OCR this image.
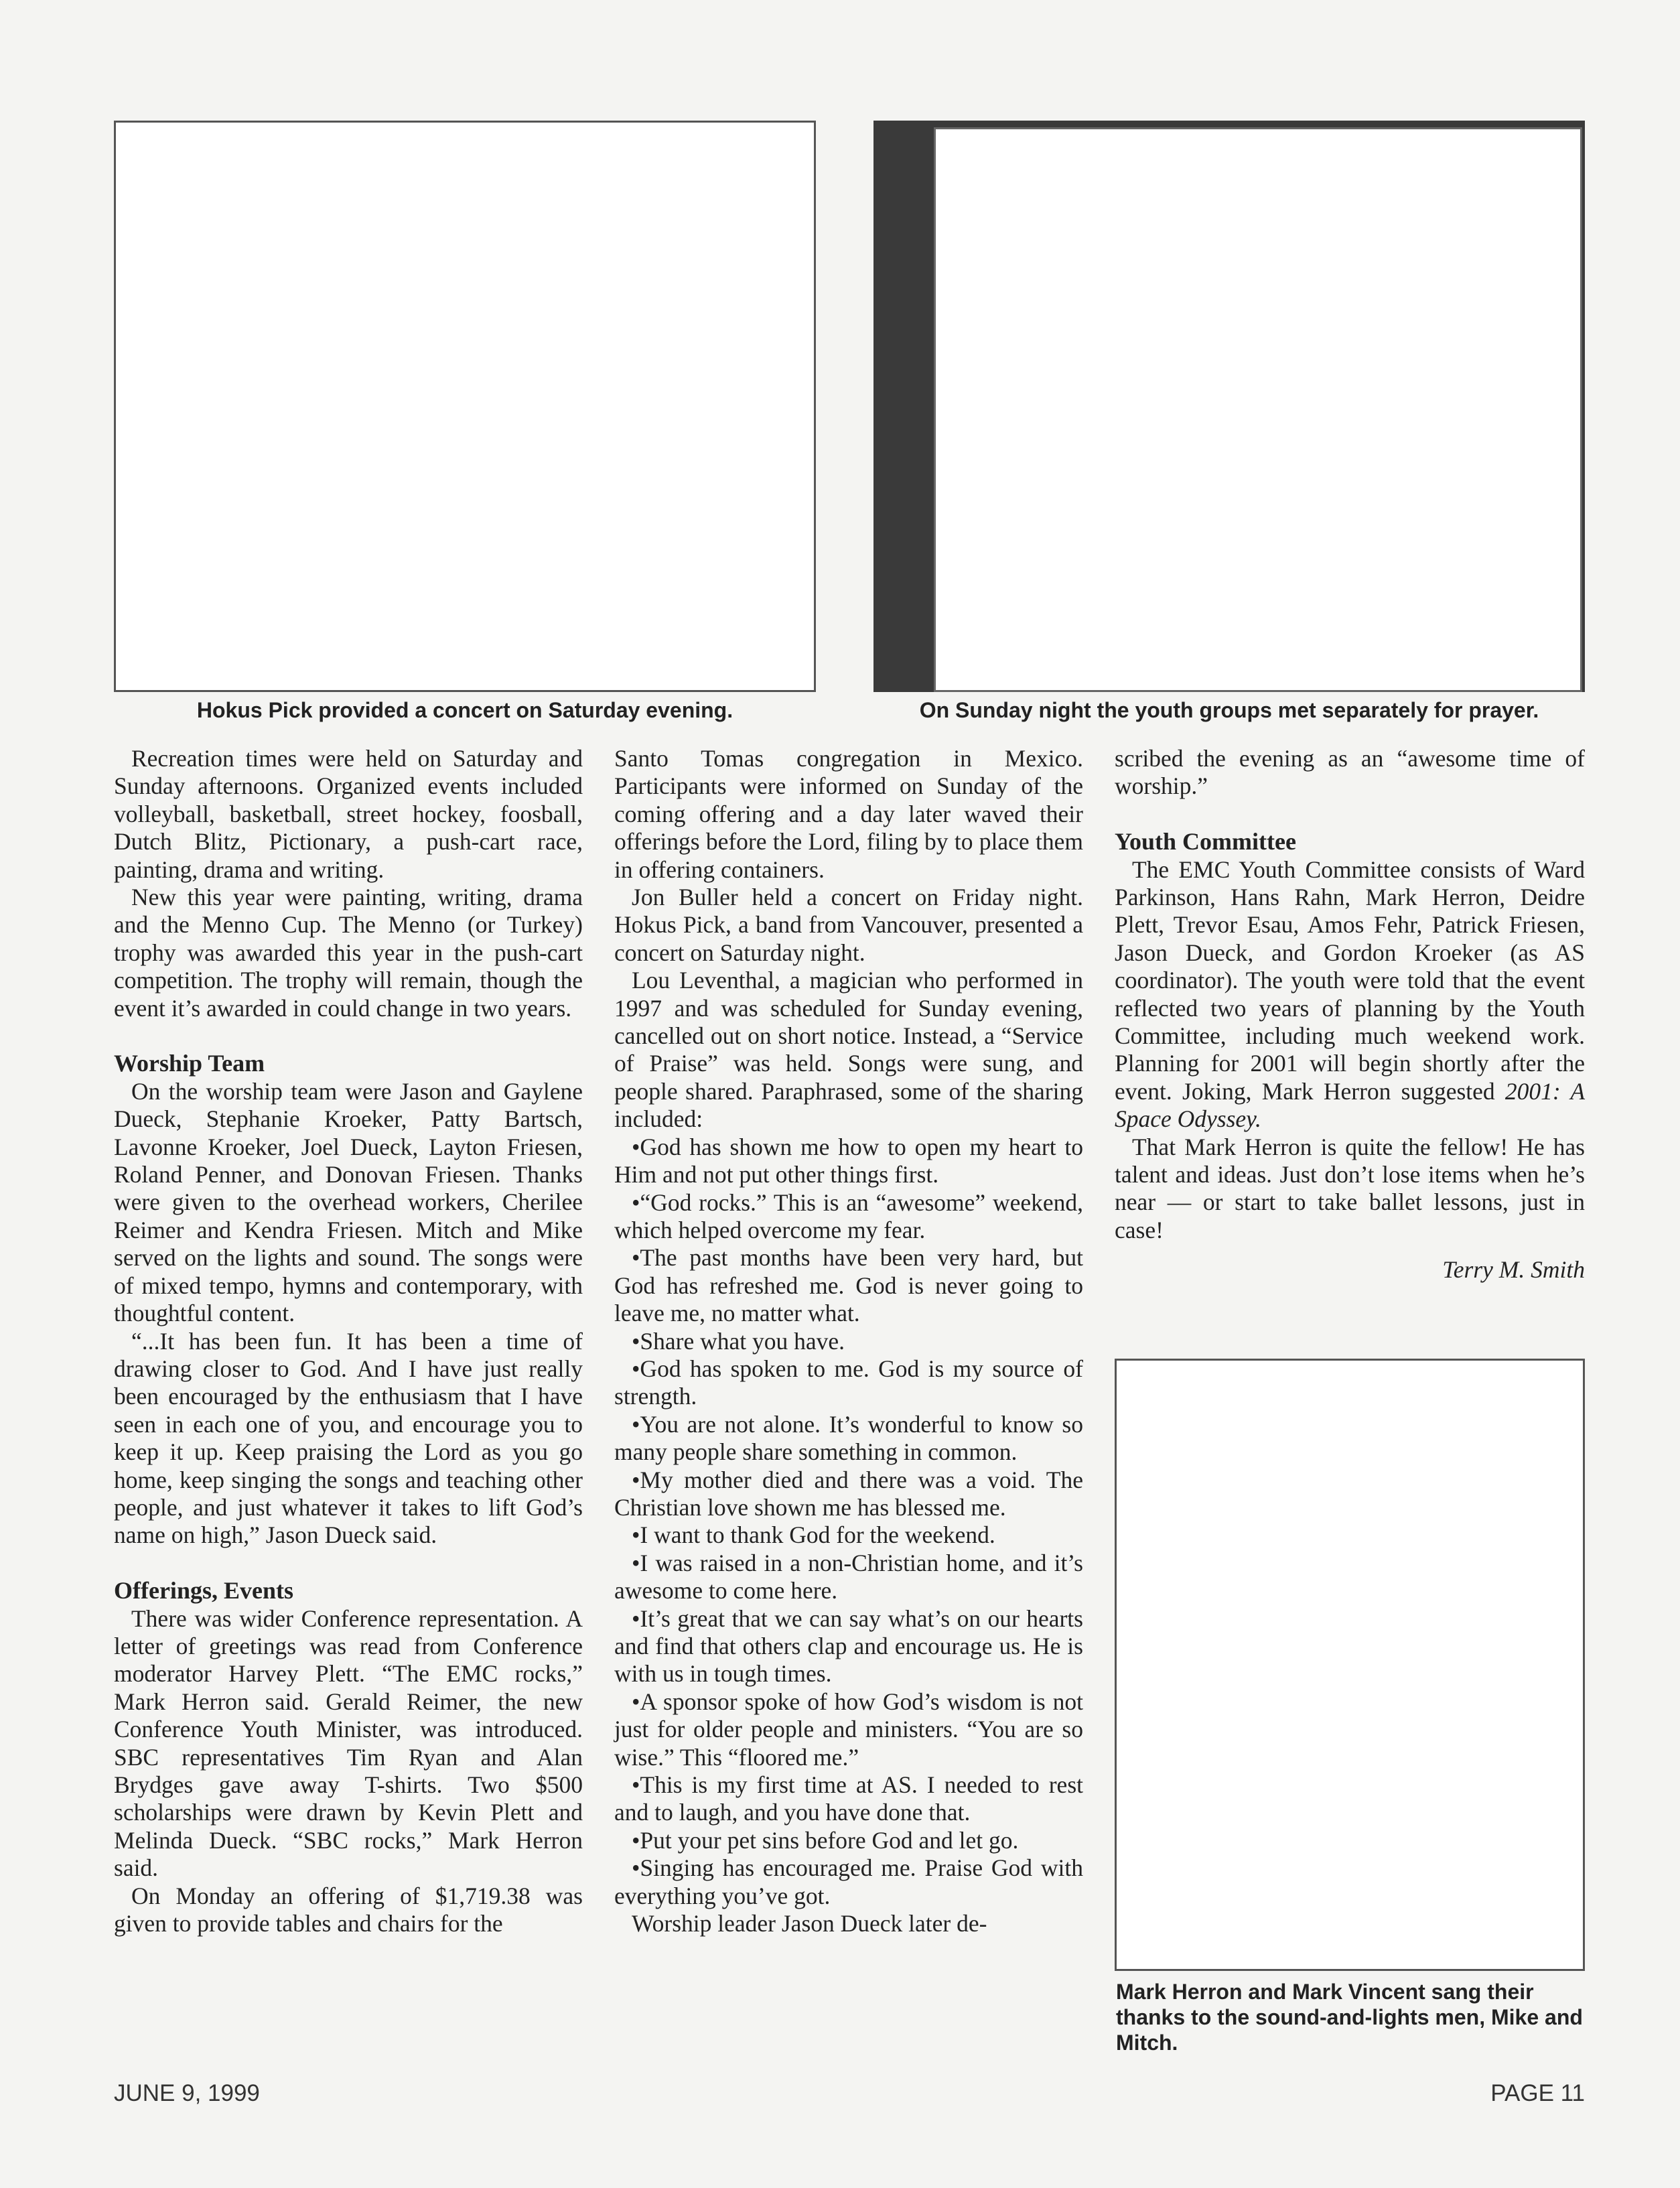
Hokus Pick provided a concert on Saturday evening.	On Sunday night the youth groups met separately for prayer.
Mark Herron and Mark Vincent sang their thanks to the sound-and-lights men, Mike and Mitch.

Recreation times were held on Saturday and Sunday afternoons. Organized events included volleyball, basketball, street hockey, foosball, Dutch Blitz, Pictionary, a push-cart race, painting, drama and writing.

New this year were painting, writing, drama and the Menno Cup. The Menno (or Turkey) trophy was awarded this year in the push-cart competition. The trophy will remain, though the event it’s awarded in could change in two years.

Worship Team

On the worship team were Jason and Gaylene Dueck, Stephanie Kroeker, Patty Bartsch, Lavonne Kroeker, Joel Dueck, Layton Friesen, Roland Penner, and Donovan Friesen. Thanks were given to the overhead workers, Cherilee Reimer and Kendra Friesen. Mitch and Mike served on the lights and sound. The songs were of mixed tempo, hymns and contemporary, with thoughtful content.

“...It has been fun. It has been a time of drawing closer to God. And I have just really been encouraged by the enthusiasm that I have seen in each one of you, and encourage you to keep it up. Keep praising the Lord as you go home, keep singing the songs and teaching other people, and just whatever it takes to lift God’s name on high,” Jason Dueck said.

Offerings, Events

There was wider Conference representation. A letter of greetings was read from Conference moderator Harvey Plett. “The EMC rocks,” Mark Herron said. Gerald Reimer, the new Conference Youth Minister, was introduced. SBC representatives Tim Ryan and Alan Brydges gave away T-shirts. Two $500 scholarships were drawn by Kevin Plett and Melinda Dueck. “SBC rocks,” Mark Herron said.

On Monday an offering of $1,719.38 was given to provide tables and chairs for the

Santo Tomas congregation in Mexico. Participants were informed on Sunday of the coming offering and a day later waved their offerings before the Lord, filing by to place them in offering containers.

Jon Buller held a concert on Friday night. Hokus Pick, a band from Vancouver, presented a concert on Saturday night.

Lou Leventhal, a magician who performed in 1997 and was scheduled for Sunday evening, cancelled out on short notice. Instead, a “Service of Praise” was held. Songs were sung, and people shared. Paraphrased, some of the sharing included:

•God has shown me how to open my heart to Him and not put other things first.

•“God rocks.” This is an “awesome” weekend, which helped overcome my fear.

•The past months have been very hard, but God has refreshed me. God is never going to leave me, no matter what.

•Share what you have.

•God has spoken to me. God is my source of strength.

•You are not alone. It’s wonderful to know so many people share something in common.

•My mother died and there was a void. The Christian love shown me has blessed me.

•I want to thank God for the weekend.

•I was raised in a non-Christian home, and it’s awesome to come here.

•It’s great that we can say what’s on our hearts and find that others clap and encourage us. He is with us in tough times.

•A sponsor spoke of how God’s wisdom is not just for older people and ministers. “You are so wise.” This “floored me.”

•This is my first time at AS. I needed to rest and to laugh, and you have done that.

•Put your pet sins before God and let go.

•Singing has encouraged me. Praise God with everything you’ve got.

Worship leader Jason Dueck later de-

scribed the evening as an “awesome time of worship.”

Youth Committee

The EMC Youth Committee consists of Ward Parkinson, Hans Rahn, Mark Herron, Deidre Plett, Trevor Esau, Amos Fehr, Patrick Friesen, Jason Dueck, and Gordon Kroeker (as AS coordinator). The youth were told that the event reflected two years of planning by the Youth Committee, including much weekend work. Planning for 2001 will begin shortly after the event. Joking, Mark Herron suggested 2001: A Space Odyssey.

That Mark Herron is quite the fellow! He has talent and ideas. Just don’t lose items when he’s near — or start to take ballet lessons, just in case!

Terry M. Smith

JUNE 9, 1999	PAGE 11
